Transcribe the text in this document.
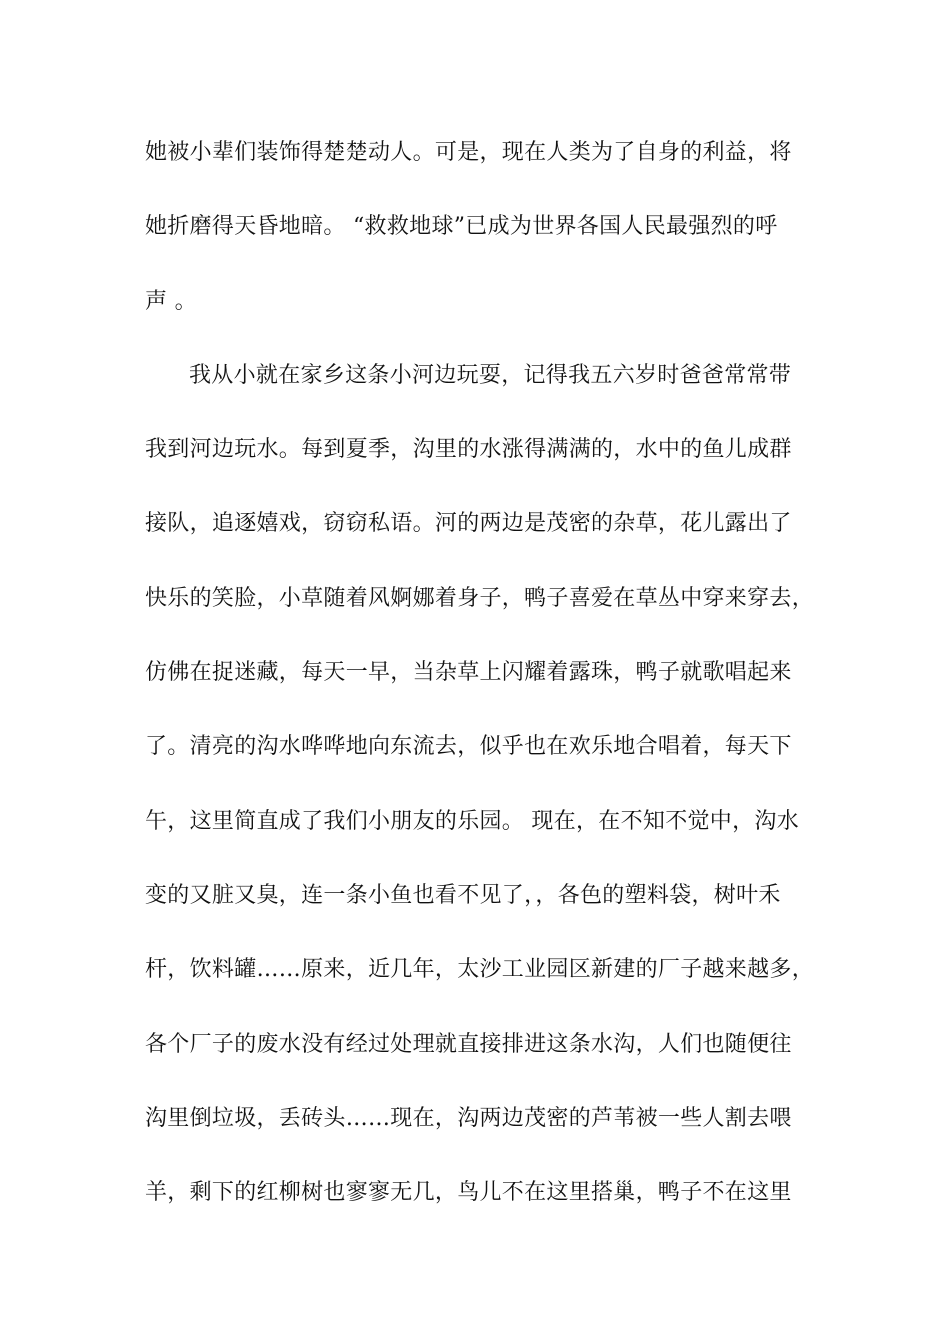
她被小辈们装饰得楚楚动人。可是，现在人类为了自身的利益，将
她折磨得天昏地暗。 “救救地球”已成为世界各国人民最强烈的呼
声 。
我从小就在家乡这条小河边玩耍，记得我五六岁时爸爸常常带
我到河边玩水。每到夏季，沟里的水涨得满满的，水中的鱼儿成群
接队，追逐嬉戏，窃窃私语。河的两边是茂密的杂草，花儿露出了
快乐的笑脸，小草随着风婀娜着身子，鸭子喜爱在草丛中穿来穿去，
仿佛在捉迷藏，每天一早，当杂草上闪耀着露珠，鸭子就歌唱起来
了。清亮的沟水哗哗地向东流去，似乎也在欢乐地合唱着，每天下
午，这里简直成了我们小朋友的乐园。 现在，在不知不觉中，沟水
变的又脏又臭，连一条小鱼也看不见了，，各色的塑料袋，树叶禾
杆，饮料罐……原来，近几年，太沙工业园区新建的厂子越来越多，
各个厂子的废水没有经过处理就直接排进这条水沟，人们也随便往
沟里倒垃圾，丢砖头……现在，沟两边茂密的芦苇被一些人割去喂
羊，剩下的红柳树也寥寥无几，鸟儿不在这里搭巢，鸭子不在这里
